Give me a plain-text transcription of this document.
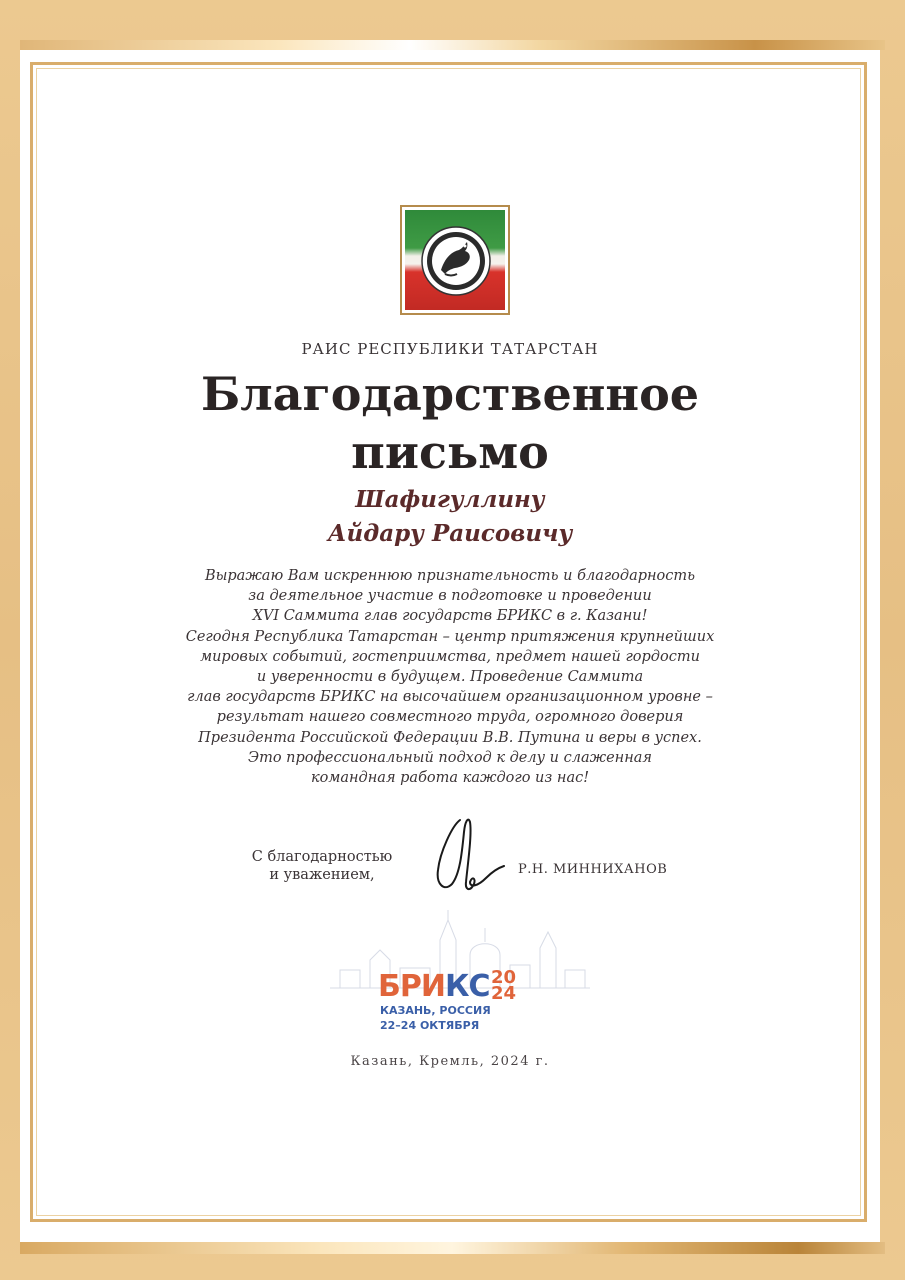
РАИС РЕСПУБЛИКИ ТАТАРСТАН
Благодарственное
письмо
Шафигуллину
Айдару Раисовичу
Выражаю Вам искреннюю признательность и благодарность
за деятельное участие в подготовке и проведении
XVI Саммита глав государств БРИКС в г. Казани!
Сегодня Республика Татарстан – центр притяжения крупнейших
мировых событий, гостеприимства, предмет нашей гордости
и уверенности в будущем. Проведение Саммита
глав государств БРИКС на высочайшем организационном уровне –
результат нашего совместного труда, огромного доверия
Президента Российской Федерации В.В. Путина и веры в успех.
Это профессиональный подход к делу и слаженная
командная работа каждого из нас!
С благодарностью
и уважением,	Р.Н. МИННИХАНОВ
БРИКС 20
24
КАЗАНЬ, РОССИЯ
22–24 ОКТЯБРЯ
Казань, Кремль, 2024 г.
